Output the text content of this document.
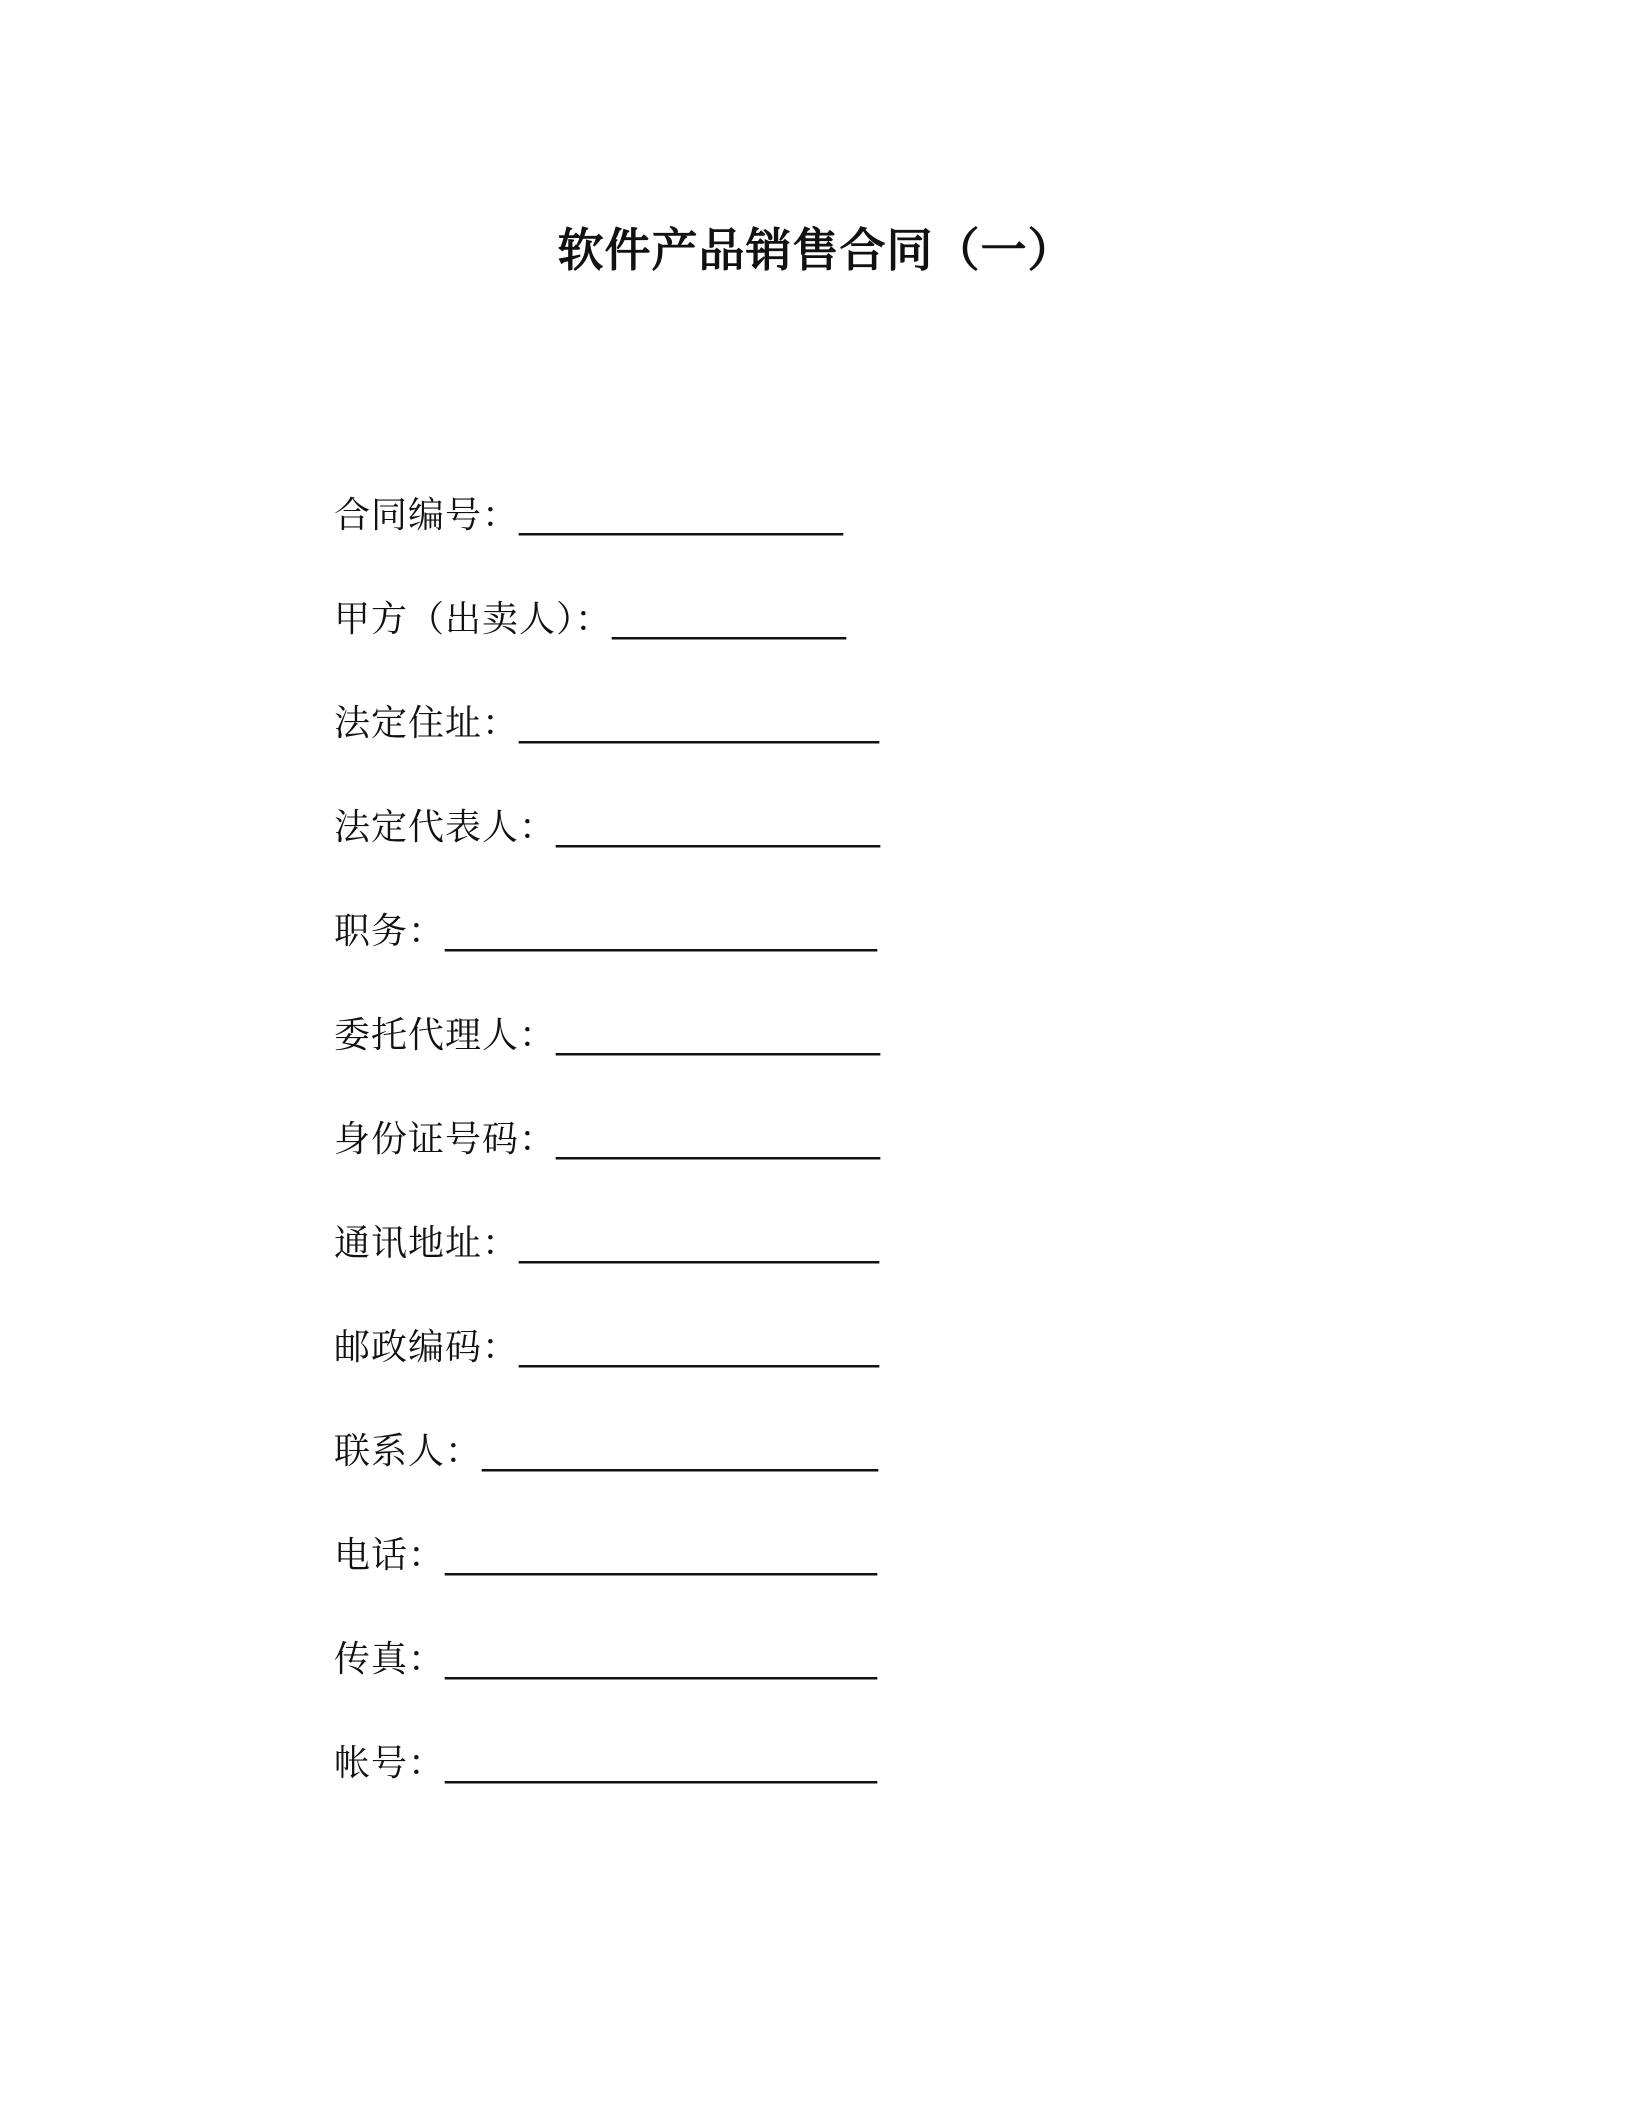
软件产品销售合同（一）
合同编号： __________________
甲方（出卖人）： _____________
法定住址： ____________________
法定代表人： __________________
职务： ________________________
委托代理人： __________________
身份证号码： __________________
通讯地址： ____________________
邮政编码： ____________________
联系人： ______________________
电话： ________________________
传真： ________________________
帐号： ________________________
